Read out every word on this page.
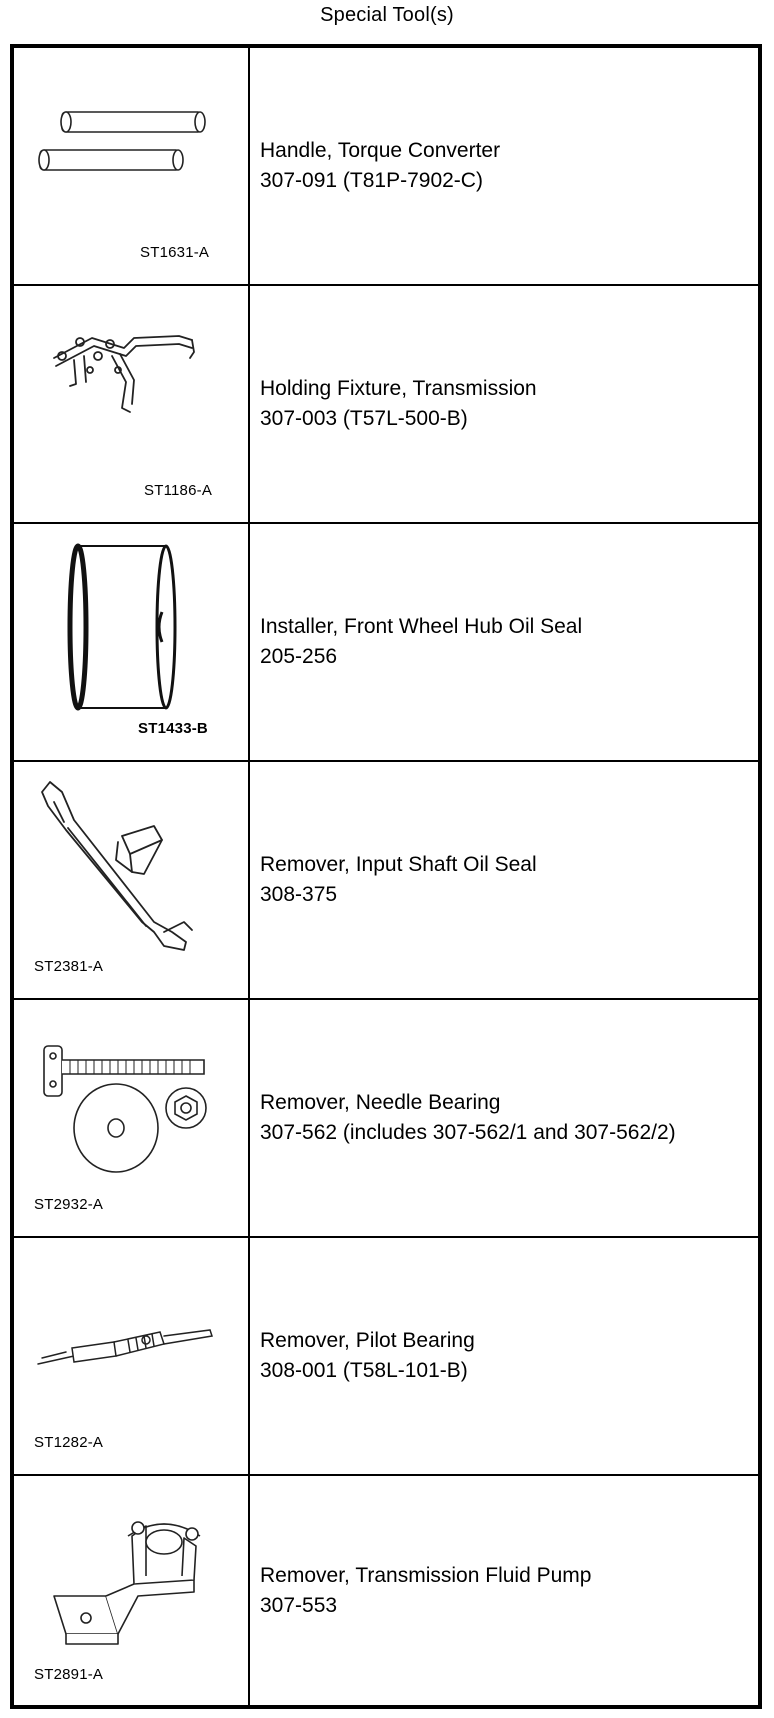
Special Tool(s)
ST1631-A
Handle, Torque Converter
307-091 (T81P-7902-C)
ST1186-A
Holding Fixture, Transmission
307-003 (T57L-500-B)
ST1433-B
Installer, Front Wheel Hub Oil Seal
205-256
ST2381-A
Remover, Input Shaft Oil Seal
308-375
ST2932-A
Remover, Needle Bearing
307-562 (includes 307-562/1 and 307-562/2)
ST1282-A
Remover, Pilot Bearing
308-001 (T58L-101-B)
ST2891-A
Remover, Transmission Fluid Pump
307-553
